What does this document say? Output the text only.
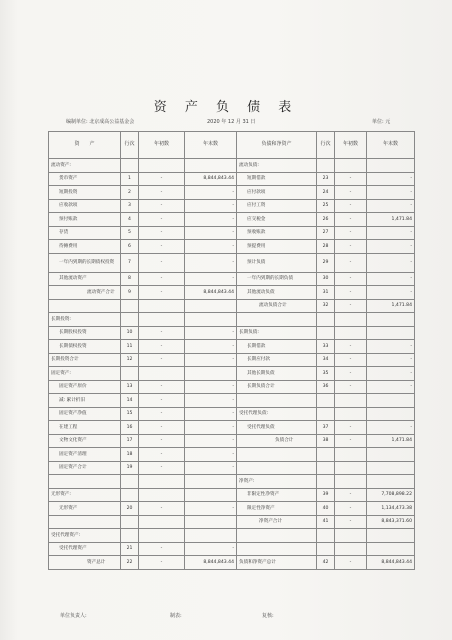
资 产 负 债 表
编制单位: 北京成高公益基金会	2020 年 12 月 31 日	单位: 元
资　　产	行次	年初数	年末数	负债和净资产	行次	年初数	年末数
流动资产:				流动负债:			
货币资产	1	-	8,844,843.44	短期借款	23	-	-
短期投资	2	-	-	应付款项	24	-	-
应收款项	3	-	-	应付工资	25	-	-
预付账款	4	-	-	应交税金	26	-	1,471.84
存货	5	-	-	预收账款	27	-	-
待摊费用	6	-	-	预提费用	28	-	-
一年内到期的长期债权投资	7	-	-	预计负债	29	-	-
其他流动资产	8	-	-	一年内到期的长期负债	30	-	-
流动资产合计	9	-	8,844,843.44	其他流动负债	31	-	-
				流动负债合计	32	-	1,471.84
长期投资:							
长期股权投资	10	-	-	长期负债:			
长期债权投资	11	-	-	长期借款	33	-	-
长期投资合计	12	-	-	长期应付款	34	-	-
固定资产:				其他长期负债	35	-	-
固定资产原价	13	-	-	长期负债合计	36	-	-
减: 累计折旧	14	-	-				
固定资产净值	15	-	-	受托代理负债:			
在建工程	16	-	-	受托代理负债	37	-	-
文物文化资产	17	-	-	负债合计	38	-	1,471.84
固定资产清理	18	-	-				
固定资产合计	19	-	-				
				净资产:			
无形资产:				非限定性净资产	39	-	7,708,898.22
无形资产	20	-	-	限定性净资产	40	-	1,134,473.38
				净资产合计	41	-	8,843,371.60
受托代理资产:							
受托代理资产	21	-	-				
资产总计	22	-	8,844,843.44	负债和净资产总计	42	-	8,844,843.44
单位负责人:	制表:	复核:
